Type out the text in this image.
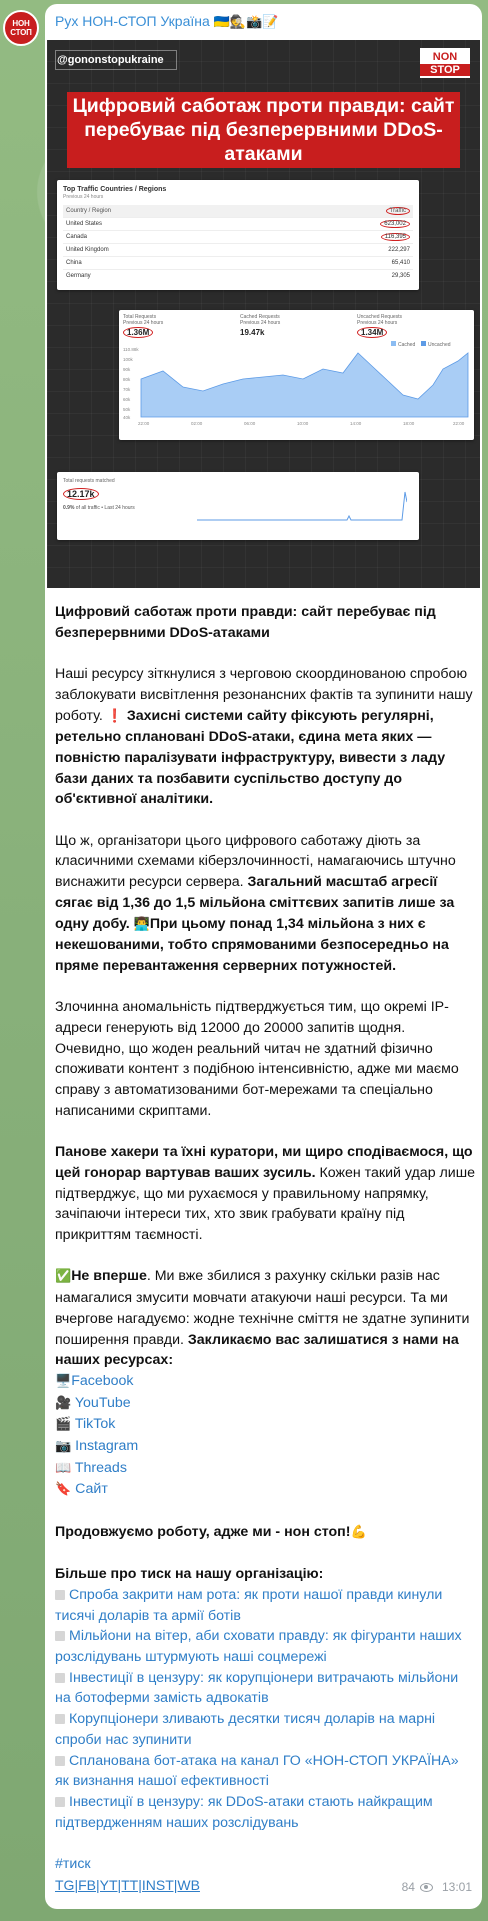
НОН
СТОП
Рух НОН-СТОП Україна 🇺🇦🕵️📸📝
@gononstopukraine	NON
STOP
Цифровий саботаж проти правди: сайт перебуває під безперервними DDoS-атаками
Top Traffic Countries / Regions
Previous 24 hours
Country / Region	Traffic
United States	623,002
Canada	116,395
United Kingdom	222,297
China	65,410
Germany	29,305
Total Requests
Previous 24 hours
1.36M
Cached Requests
Previous 24 hours
19.47k
Uncached Requests
Previous 24 hours
1.34M
Cached	Uncached
110.88k
100k
90k
80k
70k
60k
50k
40k
22:00	02:00	06:00	10:00	14:00	18:00	22:00
Total requests matched
12.17k
0.9% of all traffic • Last 24 hours

Цифровий саботаж проти правди: сайт перебуває під безперервними DDoS-атаками

Наші ресурсу зіткнулися з черговою скоординованою спробою заблокувати висвітлення резонансних фактів та зупинити нашу роботу. ❗ Захисні системи сайту фіксують регулярні, ретельно сплановані DDoS-атаки, єдина мета яких — повністю паралізувати інфраструктуру, вивести з ладу бази даних та позбавити суспільство доступу до об'єктивної аналітики.

Що ж, організатори цього цифрового саботажу діють за класичними схемами кіберзлочинності, намагаючись штучно виснажити ресурси сервера. Загальний масштаб агресії сягає від 1,36 до 1,5 мільйона сміттєвих запитів лише за одну добу. 👨‍💻При цьому понад 1,34 мільйона з них є некешованими, тобто спрямованими безпосередньо на пряме перевантаження серверних потужностей.

Злочинна аномальність підтверджується тим, що окремі IP-адреси генерують від 12000 до 20000 запитів щодня. Очевидно, що жоден реальний читач не здатний фізично споживати контент з подібною інтенсивністю, адже ми маємо справу з автоматизованими бот-мережами та спеціально написаними скриптами.

Панове хакери та їхні куратори, ми щиро сподіваємося, що цей гонорар вартував ваших зусиль. Кожен такий удар лише підтверджує, що ми рухаємося у правильному напрямку, зачіпаючи інтереси тих, хто звик грабувати країну під прикриттям таємності.

✅Не вперше. Ми вже збилися з рахунку скільки разів нас намагалися змусити мовчати атакуючи наші ресурси. Та ми вчергове нагадуємо: жодне технічне сміття не здатне зупинити поширення правди. Закликаємо вас залишатися з нами на наших ресурсах:
🖥️Facebook
🎥 YouTube
🎬 TikTok
📷 Instagram
📖 Threads
🔖 Сайт

Продовжуємо роботу, адже ми - нон стоп!💪

Більше про тиск на нашу організацію:
Спроба закрити нам рота: як проти нашої правди кинули тисячі доларів та армії ботів
Мільйони на вітер, аби сховати правду: як фігуранти наших розслідувань штурмують наші соцмережі
Інвестиції в цензуру: як корупціонери витрачають мільйони на ботоферми замість адвокатів
Корупціонери зливають десятки тисяч доларів на марні спроби нас зупинити
Спланована бот-атака на канал ГО «НОН-СТОП УКРАЇНА» як визнання нашої ефективності
Інвестиції в цензуру: як DDoS-атаки стають найкращим підтвердженням наших розслідувань

#тиск

TG|FB|YT|TT|INST|WB	84 13:01
